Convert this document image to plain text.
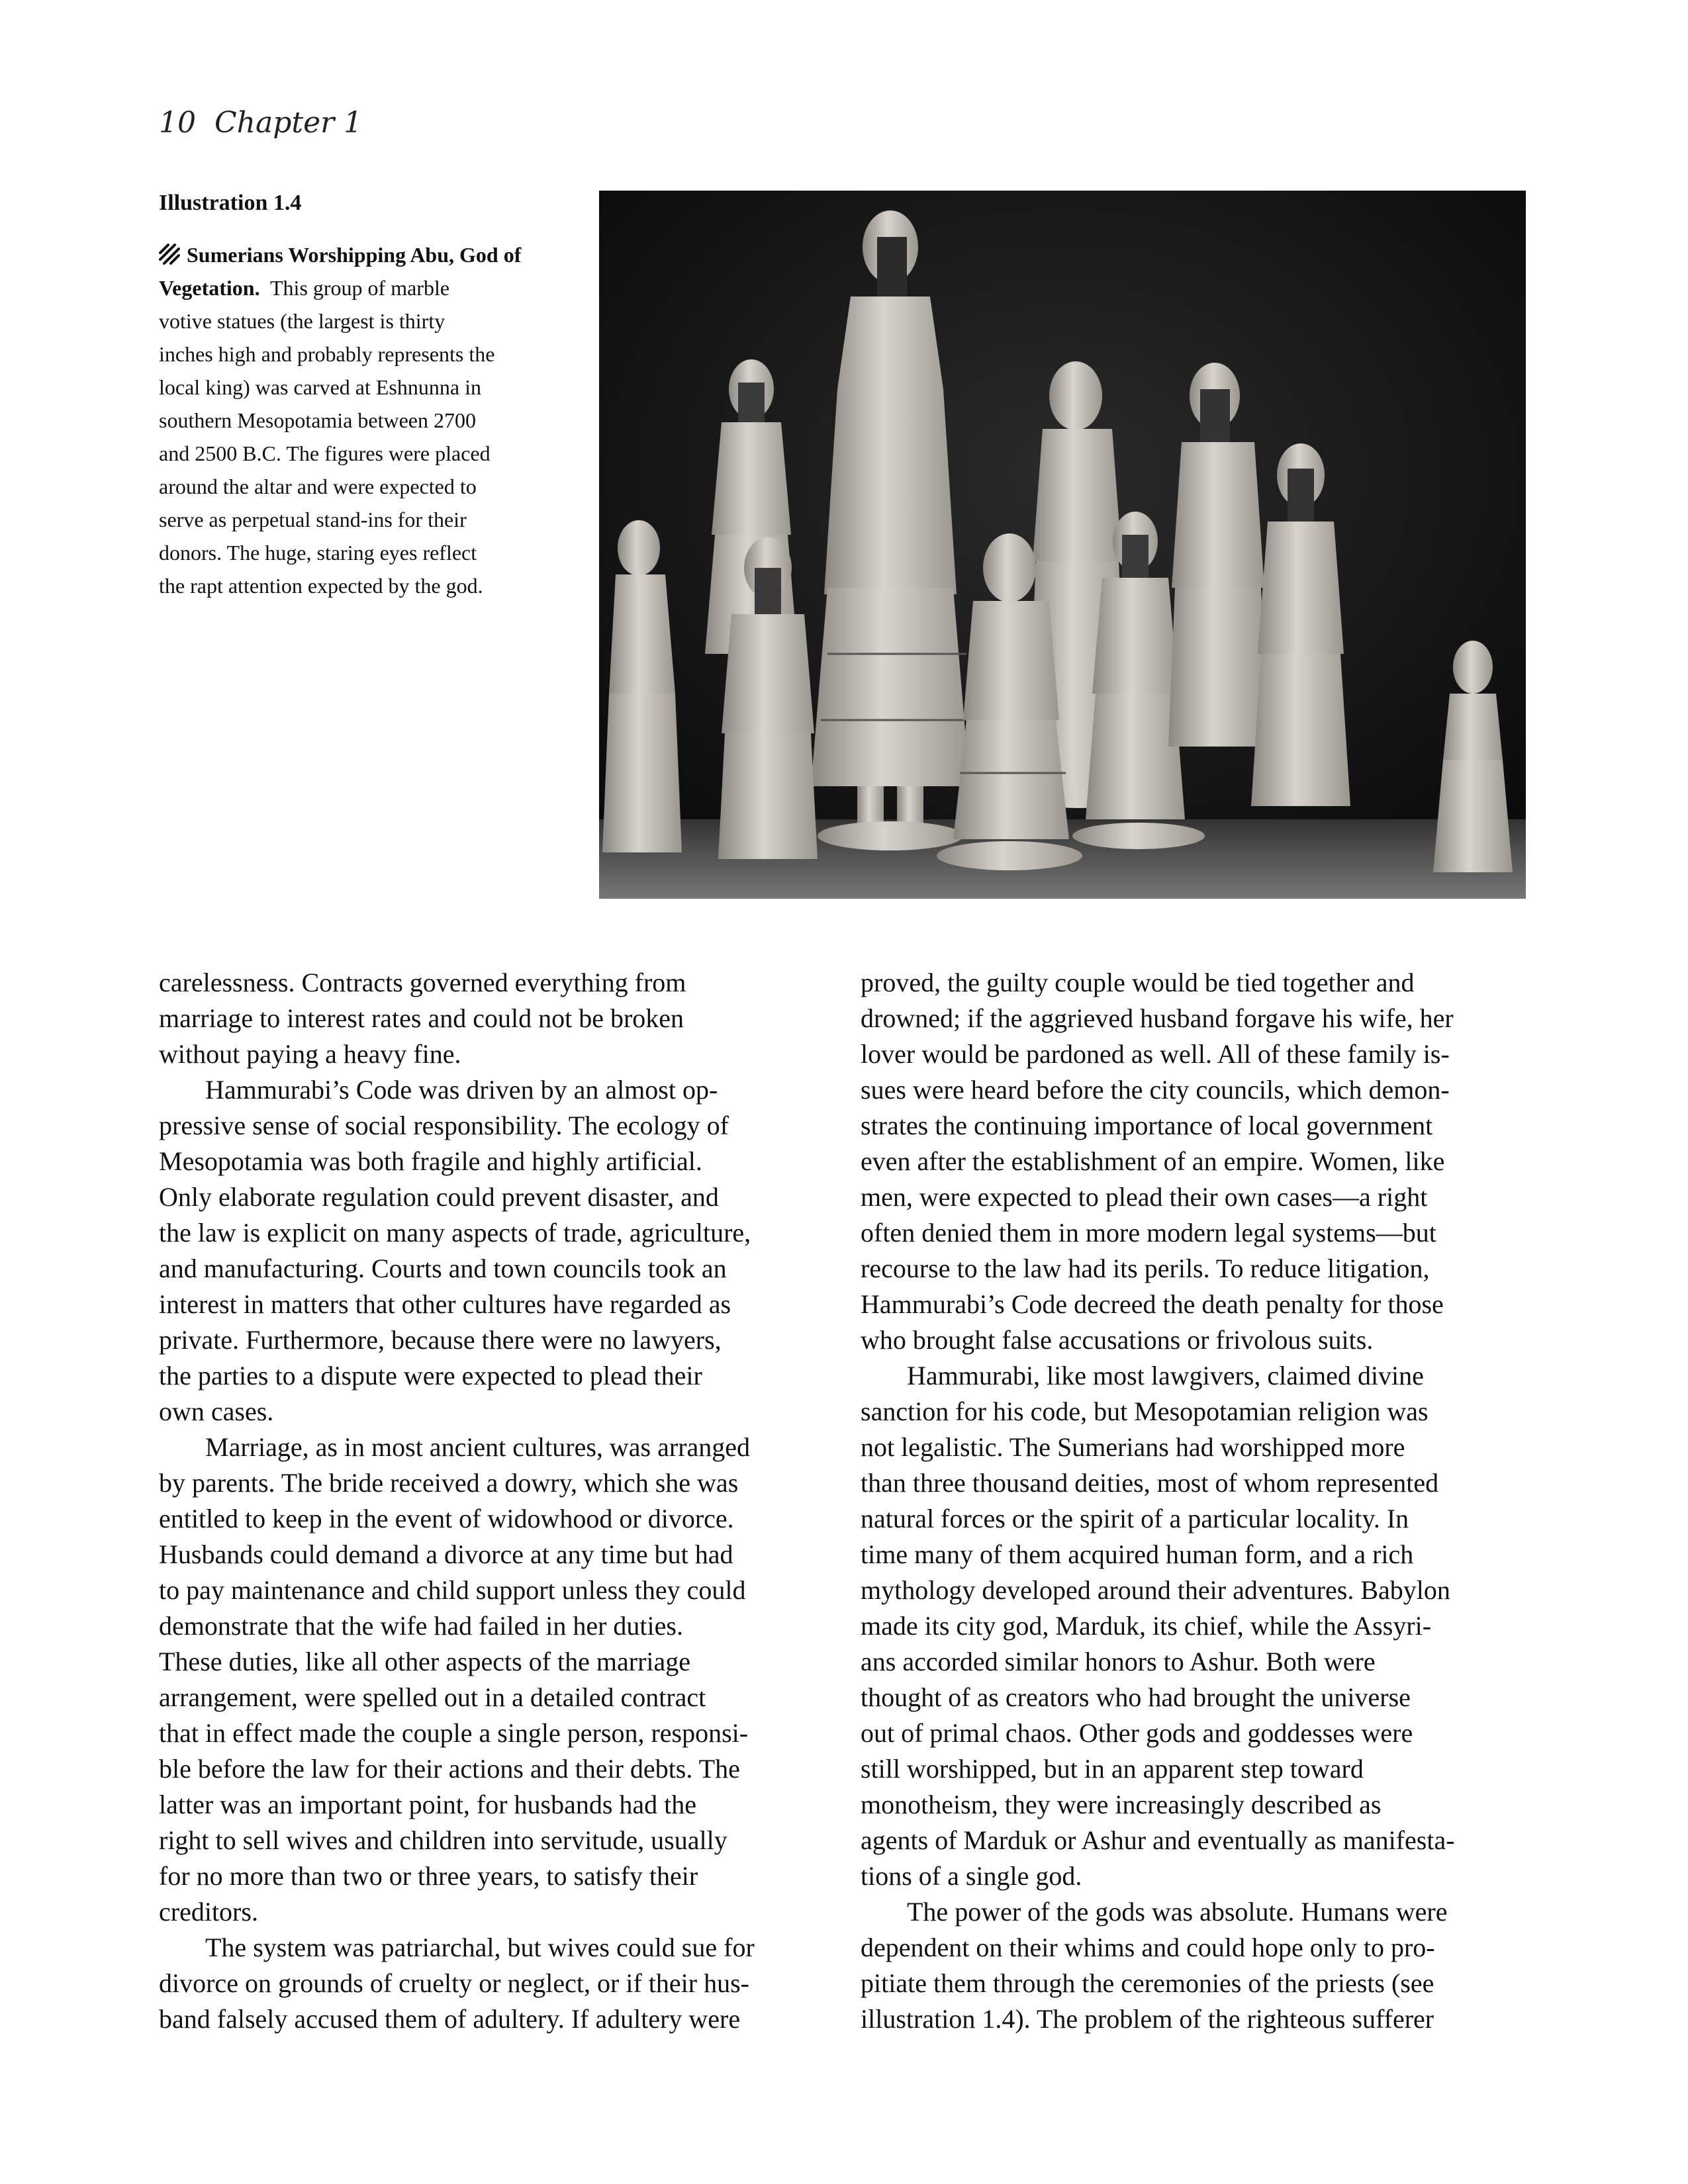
10 Chapter 1
Illustration 1.4
Sumerians Worshipping Abu, God of Vegetation. This group of marble
votive statues (the largest is thirty
inches high and probably represents the
local king) was carved at Eshnunna in
southern Mesopotamia between 2700
and 2500 B.C. The figures were placed
around the altar and were expected to
serve as perpetual stand-ins for their
donors. The huge, staring eyes reflect
the rapt attention expected by the god.

carelessness. Contracts governed everything from
marriage to interest rates and could not be broken
without paying a heavy fine.

Hammurabi’s Code was driven by an almost op-

pressive sense of social responsibility. The ecology of
Mesopotamia was both fragile and highly artificial.
Only elaborate regulation could prevent disaster, and
the law is explicit on many aspects of trade, agriculture,
and manufacturing. Courts and town councils took an
interest in matters that other cultures have regarded as
private. Furthermore, because there were no lawyers,
the parties to a dispute were expected to plead their
own cases.

Marriage, as in most ancient cultures, was arranged

by parents. The bride received a dowry, which she was
entitled to keep in the event of widowhood or divorce.
Husbands could demand a divorce at any time but had
to pay maintenance and child support unless they could
demonstrate that the wife had failed in her duties.
These duties, like all other aspects of the marriage
arrangement, were spelled out in a detailed contract
that in effect made the couple a single person, responsi-
ble before the law for their actions and their debts. The
latter was an important point, for husbands had the
right to sell wives and children into servitude, usually
for no more than two or three years, to satisfy their
creditors.

The system was patriarchal, but wives could sue for

divorce on grounds of cruelty or neglect, or if their hus-
band falsely accused them of adultery. If adultery were

proved, the guilty couple would be tied together and
drowned; if the aggrieved husband forgave his wife, her
lover would be pardoned as well. All of these family is-
sues were heard before the city councils, which demon-
strates the continuing importance of local government
even after the establishment of an empire. Women, like
men, were expected to plead their own cases—a right
often denied them in more modern legal systems—but
recourse to the law had its perils. To reduce litigation,
Hammurabi’s Code decreed the death penalty for those
who brought false accusations or frivolous suits.

Hammurabi, like most lawgivers, claimed divine

sanction for his code, but Mesopotamian religion was
not legalistic. The Sumerians had worshipped more
than three thousand deities, most of whom represented
natural forces or the spirit of a particular locality. In
time many of them acquired human form, and a rich
mythology developed around their adventures. Babylon
made its city god, Marduk, its chief, while the Assyri-
ans accorded similar honors to Ashur. Both were
thought of as creators who had brought the universe
out of primal chaos. Other gods and goddesses were
still worshipped, but in an apparent step toward
monotheism, they were increasingly described as
agents of Marduk or Ashur and eventually as manifesta-
tions of a single god.

The power of the gods was absolute. Humans were

dependent on their whims and could hope only to pro-
pitiate them through the ceremonies of the priests (see
illustration 1.4). The problem of the righteous sufferer
